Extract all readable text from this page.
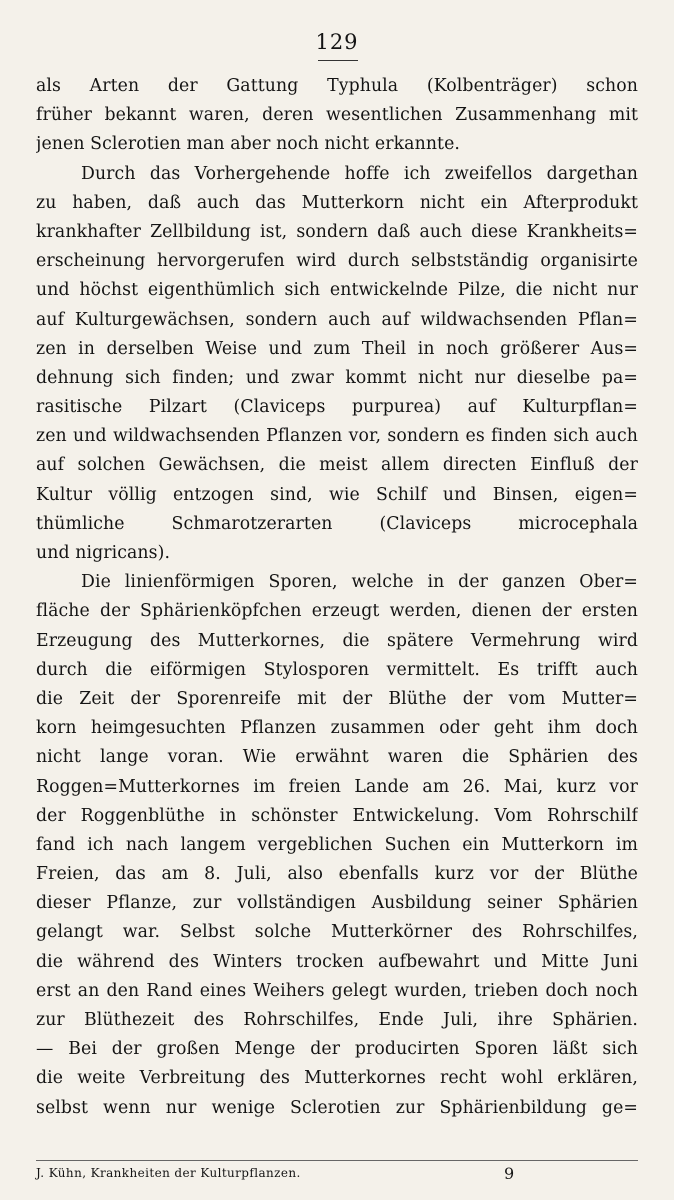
129
als Arten der Gattung Typhula (Kolbenträger) schon
früher bekannt waren, deren wesentlichen Zusammenhang mit
jenen Sclerotien man aber noch nicht erkannte.
Durch das Vorhergehende hoffe ich zweifellos dargethan
zu haben, daß auch das Mutterkorn nicht ein Afterprodukt
krankhafter Zellbildung ist, sondern daß auch diese Krankheits=
erscheinung hervorgerufen wird durch selbstständig organisirte
und höchst eigenthümlich sich entwickelnde Pilze, die nicht nur
auf Kulturgewächsen, sondern auch auf wildwachsenden Pflan=
zen in derselben Weise und zum Theil in noch größerer Aus=
dehnung sich finden; und zwar kommt nicht nur dieselbe pa=
rasitische Pilzart (Claviceps purpurea) auf Kulturpflan=
zen und wildwachsenden Pflanzen vor, sondern es finden sich auch
auf solchen Gewächsen, die meist allem directen Einfluß der
Kultur völlig entzogen sind, wie Schilf und Binsen, eigen=
thümliche Schmarotzerarten (Claviceps microcephala
und nigricans).
Die linienförmigen Sporen, welche in der ganzen Ober=
fläche der Sphärienköpfchen erzeugt werden, dienen der ersten
Erzeugung des Mutterkornes, die spätere Vermehrung wird
durch die eiförmigen Stylosporen vermittelt. Es trifft auch
die Zeit der Sporenreife mit der Blüthe der vom Mutter=
korn heimgesuchten Pflanzen zusammen oder geht ihm doch
nicht lange voran. Wie erwähnt waren die Sphärien des
Roggen=Mutterkornes im freien Lande am 26. Mai, kurz vor
der Roggenblüthe in schönster Entwickelung. Vom Rohrschilf
fand ich nach langem vergeblichen Suchen ein Mutterkorn im
Freien, das am 8. Juli, also ebenfalls kurz vor der Blüthe
dieser Pflanze, zur vollständigen Ausbildung seiner Sphärien
gelangt war. Selbst solche Mutterkörner des Rohrschilfes,
die während des Winters trocken aufbewahrt und Mitte Juni
erst an den Rand eines Weihers gelegt wurden, trieben doch noch
zur Blüthezeit des Rohrschilfes, Ende Juli, ihre Sphärien.
— Bei der großen Menge der producirten Sporen läßt sich
die weite Verbreitung des Mutterkornes recht wohl erklären,
selbst wenn nur wenige Sclerotien zur Sphärienbildung ge=
J. Kühn, Krankheiten der Kulturpflanzen.	9
